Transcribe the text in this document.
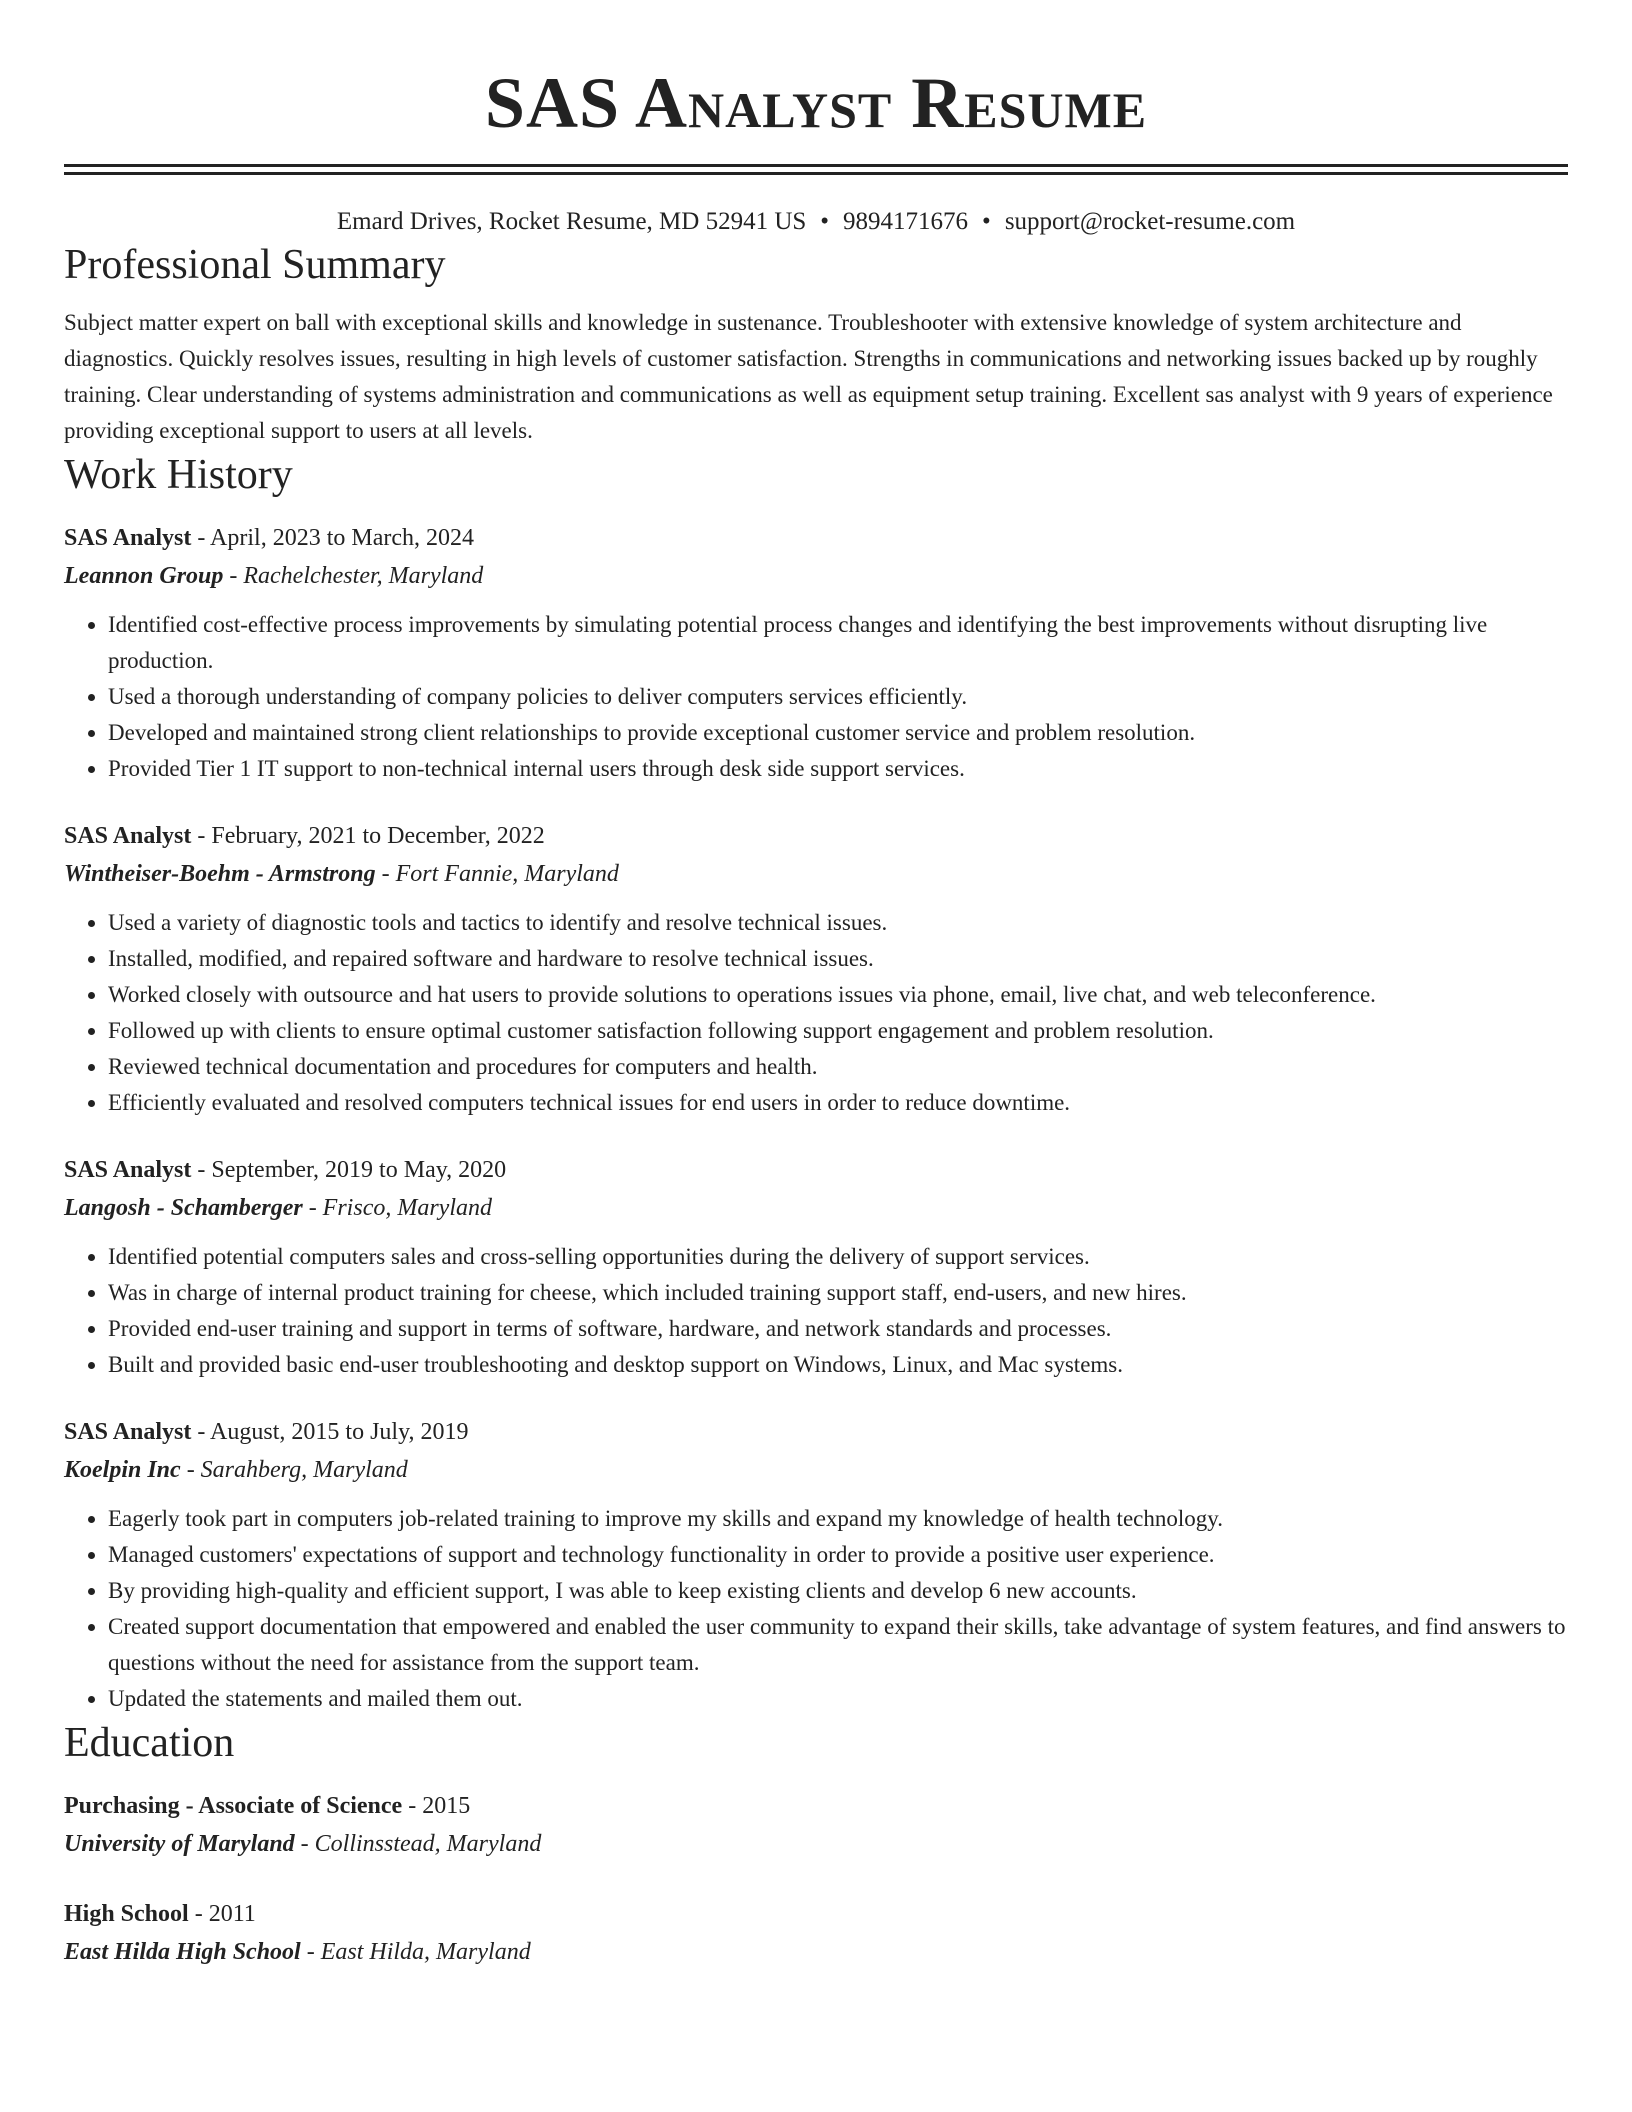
SAS Analyst Resume
Emard Drives, Rocket Resume, MD 52941 US • 9894171676 • support@rocket-resume.com
Professional Summary

Subject matter expert on ball with exceptional skills and knowledge in sustenance. Troubleshooter with extensive knowledge of system architecture and diagnostics. Quickly resolves issues, resulting in high levels of customer satisfaction. Strengths in communications and networking issues backed up by roughly training. Clear understanding of systems administration and communications as well as equipment setup training. Excellent sas analyst with 9 years of experience providing exceptional support to users at all levels.

Work History
SAS Analyst - April, 2023 to March, 2024
Leannon Group - Rachelchester, Maryland
• Identified cost-effective process improvements by simulating potential process changes and identifying the best improvements without disrupting live production.
• Used a thorough understanding of company policies to deliver computers services efficiently.
• Developed and maintained strong client relationships to provide exceptional customer service and problem resolution.
• Provided Tier 1 IT support to non-technical internal users through desk side support services.
SAS Analyst - February, 2021 to December, 2022
Wintheiser-Boehm - Armstrong - Fort Fannie, Maryland
• Used a variety of diagnostic tools and tactics to identify and resolve technical issues.
• Installed, modified, and repaired software and hardware to resolve technical issues.
• Worked closely with outsource and hat users to provide solutions to operations issues via phone, email, live chat, and web teleconference.
• Followed up with clients to ensure optimal customer satisfaction following support engagement and problem resolution.
• Reviewed technical documentation and procedures for computers and health.
• Efficiently evaluated and resolved computers technical issues for end users in order to reduce downtime.
SAS Analyst - September, 2019 to May, 2020
Langosh - Schamberger - Frisco, Maryland
• Identified potential computers sales and cross-selling opportunities during the delivery of support services.
• Was in charge of internal product training for cheese, which included training support staff, end-users, and new hires.
• Provided end-user training and support in terms of software, hardware, and network standards and processes.
• Built and provided basic end-user troubleshooting and desktop support on Windows, Linux, and Mac systems.
SAS Analyst - August, 2015 to July, 2019
Koelpin Inc - Sarahberg, Maryland
• Eagerly took part in computers job-related training to improve my skills and expand my knowledge of health technology.
• Managed customers' expectations of support and technology functionality in order to provide a positive user experience.
• By providing high-quality and efficient support, I was able to keep existing clients and develop 6 new accounts.
• Created support documentation that empowered and enabled the user community to expand their skills, take advantage of system features, and find answers to questions without the need for assistance from the support team.
• Updated the statements and mailed them out.
Education
Purchasing - Associate of Science - 2015
University of Maryland - Collinsstead, Maryland
High School - 2011
East Hilda High School - East Hilda, Maryland
